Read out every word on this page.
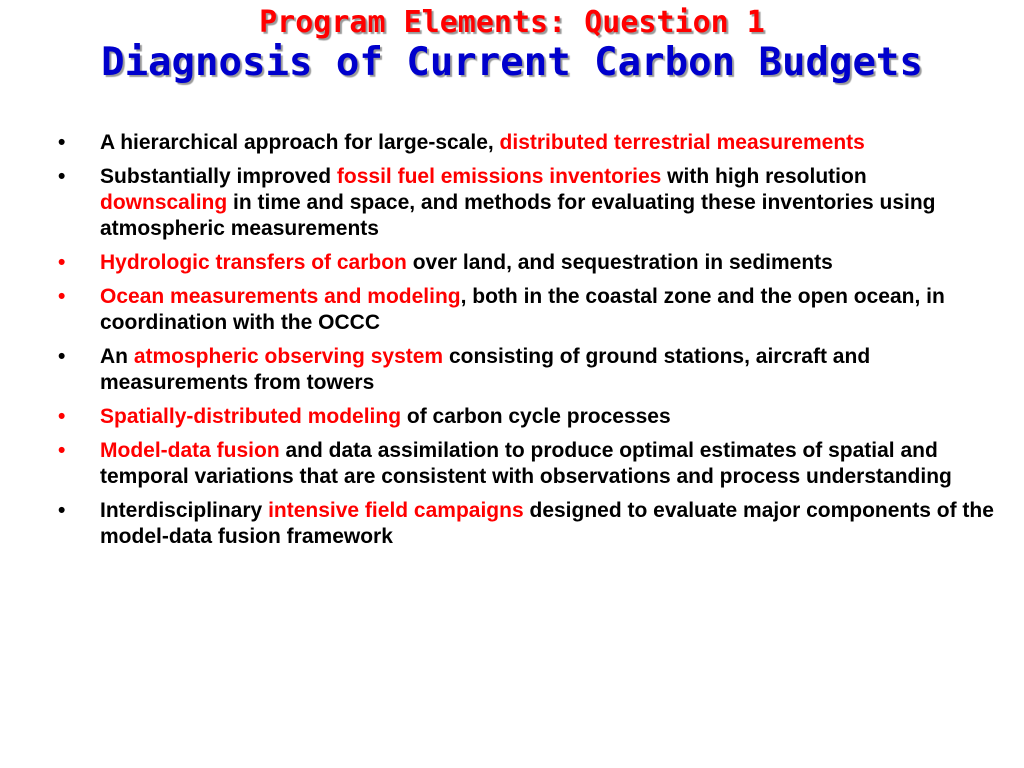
Program Elements: Question 1
Diagnosis of Current Carbon Budgets
•	A hierarchical approach for large-scale, distributed terrestrial measurements
•	Substantially improved fossil fuel emissions inventories with high resolution downscaling in time and space, and methods for evaluating these inventories using atmospheric measurements
•	Hydrologic transfers of carbon over land, and sequestration in sediments
•	Ocean measurements and modeling, both in the coastal zone and the open ocean, in coordination with the OCCC
•	An atmospheric observing system consisting of ground stations, aircraft and measurements from towers
•	Spatially-distributed modeling of carbon cycle processes
•	Model-data fusion and data assimilation to produce optimal estimates of spatial and temporal variations that are consistent with observations and process understanding
•	Interdisciplinary intensive field campaigns designed to evaluate major components of the model-data fusion framework
